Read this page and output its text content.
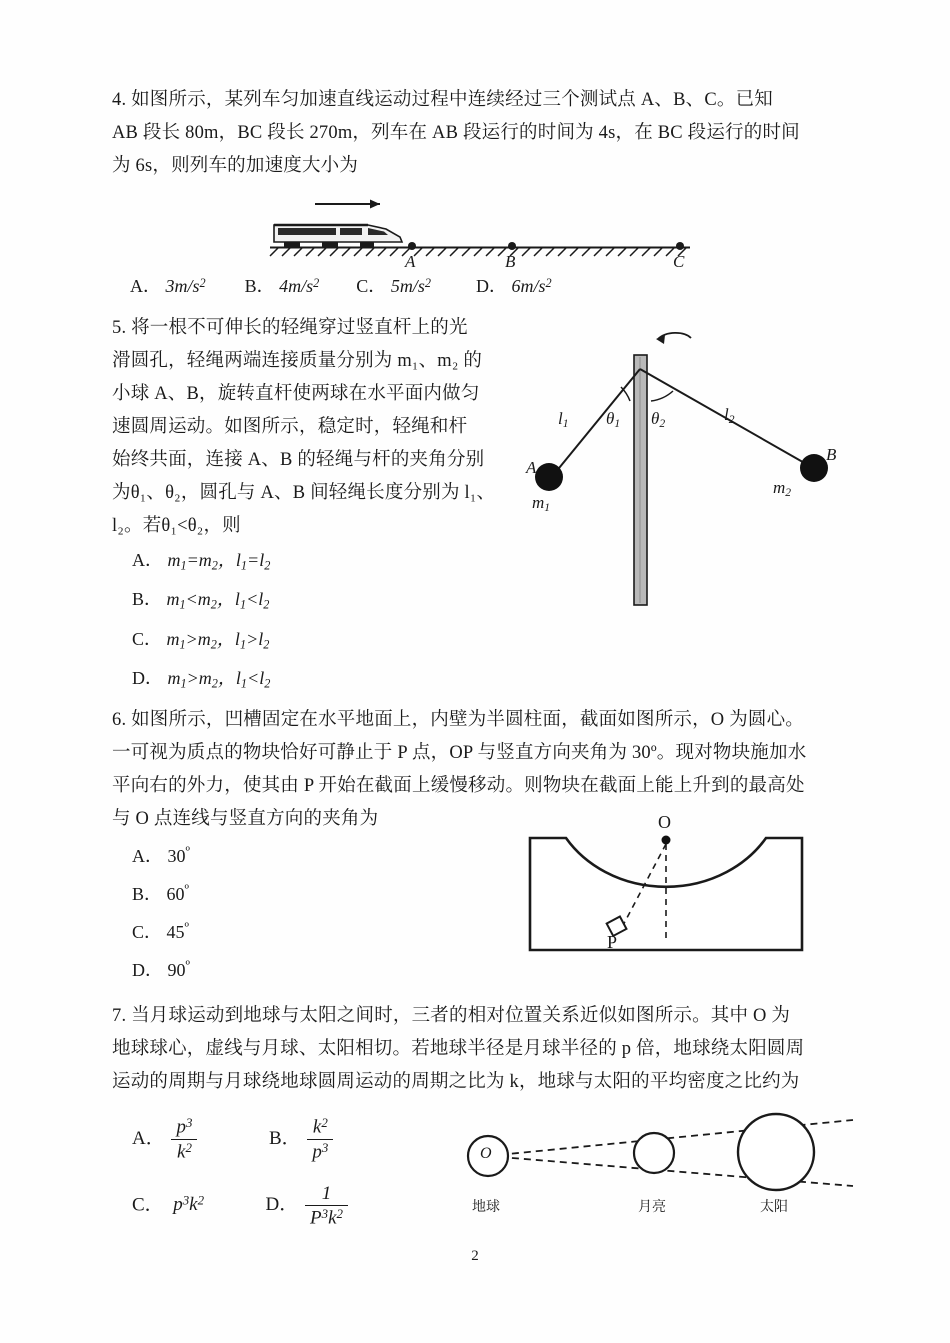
4. 如图所示，某列车匀加速直线运动过程中连续经过三个测试点 A、B、C。已知
AB 段长 80m，BC 段长 270m，列车在 AB 段运行的时间为 4s，在 BC 段运行的时间
为 6s，则列车的加速度大小为
A	B	C
A． $3m/s^2$ B． $4m/s^2$ C． $5m/s^2$	D． $6m/s^2$
5. 将一根不可伸长的轻绳穿过竖直杆上的光
滑圆孔，轻绳两端连接质量分别为 m₁、m₂ 的
小球 A、B，旋转直杆使两球在水平面内做匀
速圆周运动。如图所示，稳定时，轻绳和杆
始终共面，连接 A、B 的轻绳与杆的夹角分别
为θ₁、θ₂，圆孔与 A、B 间轻绳长度分别为 l₁、
l₂。若θ₁<θ₂，则
$l_1$	$l_2$
$\theta_1$ $\theta_2$
A
B
$m_1$
$m_2$
A． $m_1=m_2$，$l_1=l_2$
B． $m_1<m_2$，$l_1<l_2$
C． $m_1>m_2$，$l_1>l_2$
D． $m_1>m_2$，$l_1<l_2$
6. 如图所示，凹槽固定在水平地面上，内壁为半圆柱面，截面如图所示，O 为圆心。
一可视为质点的物块恰好可静止于 P 点，OP 与竖直方向夹角为 30º。现对物块施加水
平向右的外力，使其由 P 开始在截面上缓慢移动。则物块在截面上能上升到的最高处
与 O 点连线与竖直方向的夹角为
A． $30^º$
B． $60^º$
C． $45^º$
D． $90^º$
O
P
7. 当月球运动到地球与太阳之间时，三者的相对位置关系近似如图所示。其中 O 为
地球球心，虚线与月球、太阳相切。若地球半径是月球半径的 p 倍，地球绕太阳圆周
运动的周期与月球绕地球圆周运动的周期之比为 k，地球与太阳的平均密度之比约为
A． $\frac{p^3}{k^2}$	B． $\frac{k^2}{p^3}$
C．  $p^3k^2$	D． $\frac{1}{P^3k^2}$
O
地球	月亮	太阳
2
